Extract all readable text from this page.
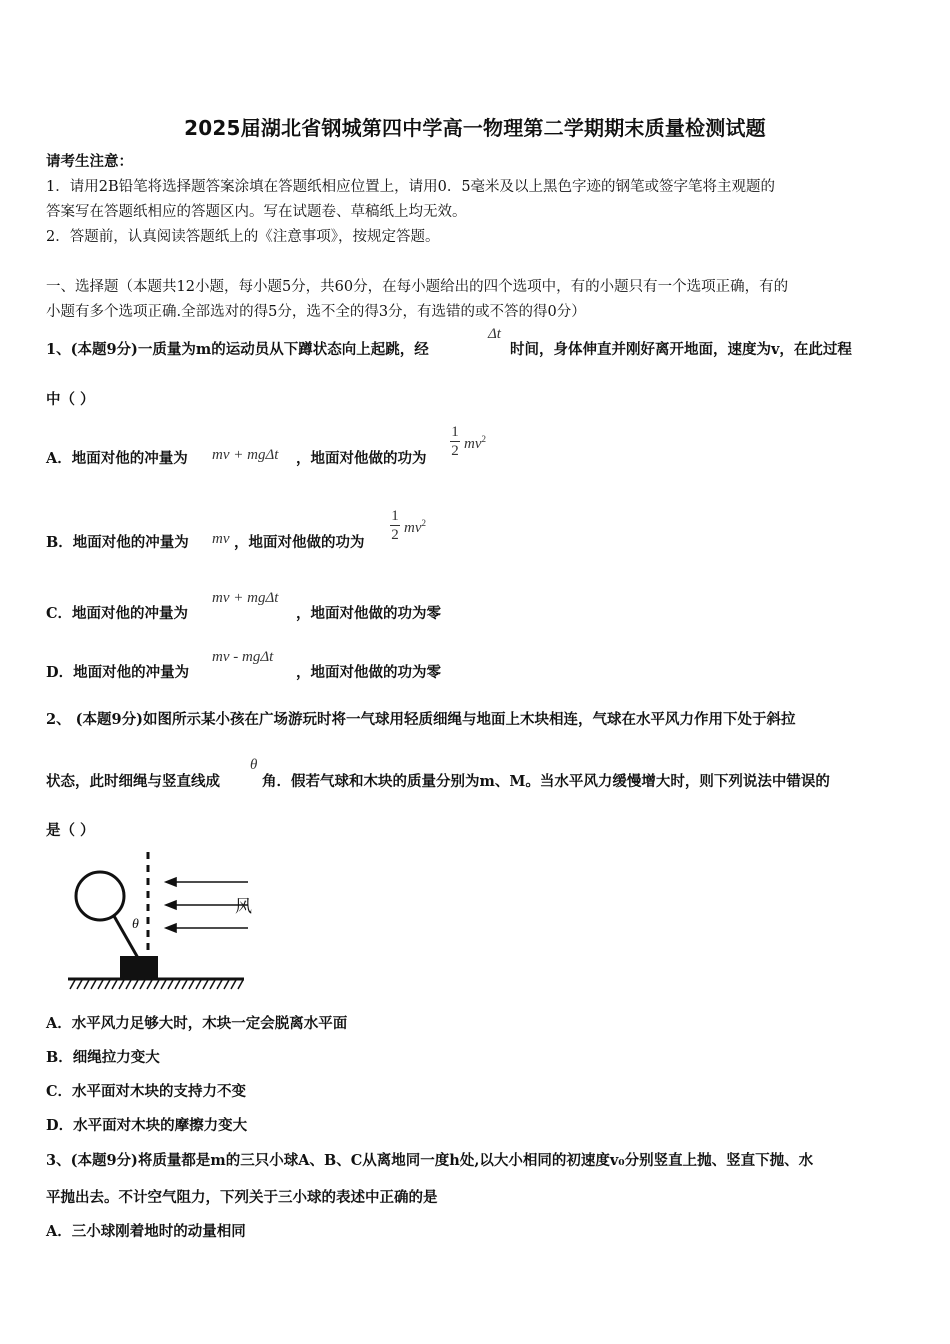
2025届湖北省钢城第四中学高一物理第二学期期末质量检测试题
请考生注意：
1．请用2B铅笔将选择题答案涂填在答题纸相应位置上，请用0．5毫米及以上黑色字迹的钢笔或签字笔将主观题的
答案写在答题纸相应的答题区内。写在试题卷、草稿纸上均无效。
2．答题前，认真阅读答题纸上的《注意事项》，按规定答题。
一、选择题（本题共12小题，每小题5分，共60分，在每小题给出的四个选项中，有的小题只有一个选项正确，有的
小题有多个选项正确.全部选对的得5分，选不全的得3分，有选错的或不答的得0分）
1、(本题9分)一质量为m的运动员从下蹲状态向上起跳，经
Δt
时间，身体伸直并刚好离开地面，速度为v，在此过程
中（ ）
A．地面对他的冲量为 mv + mgΔt ，地面对他做的功为
1
2 $mv^2$
B．地面对他的冲量为 mv ，地面对他做的功为
1
2 $mv^2$
C．地面对他的冲量为
mv + mgΔt
，地面对他做的功为零
D．地面对他的冲量为
mv - mgΔt
，地面对他做的功为零
2、 (本题9分)如图所示某小孩在广场游玩时将一气球用轻质细绳与地面上木块相连，气球在水平风力作用下处于斜拉
状态，此时细绳与竖直线成
θ
角．假若气球和木块的质量分别为m、M。当水平风力缓慢增大时，则下列说法中错误的
是（ ）
风
θ
A．水平风力足够大时，木块一定会脱离水平面
B．细绳拉力变大
C．水平面对木块的支持力不变
D．水平面对木块的摩擦力变大
3、(本题9分)将质量都是m的三只小球A、B、C从离地同一度h处,以大小相同的初速度v₀分别竖直上抛、竖直下抛、水
平抛出去。不计空气阻力，下列关于三小球的表述中正确的是
A．三小球刚着地时的动量相同
